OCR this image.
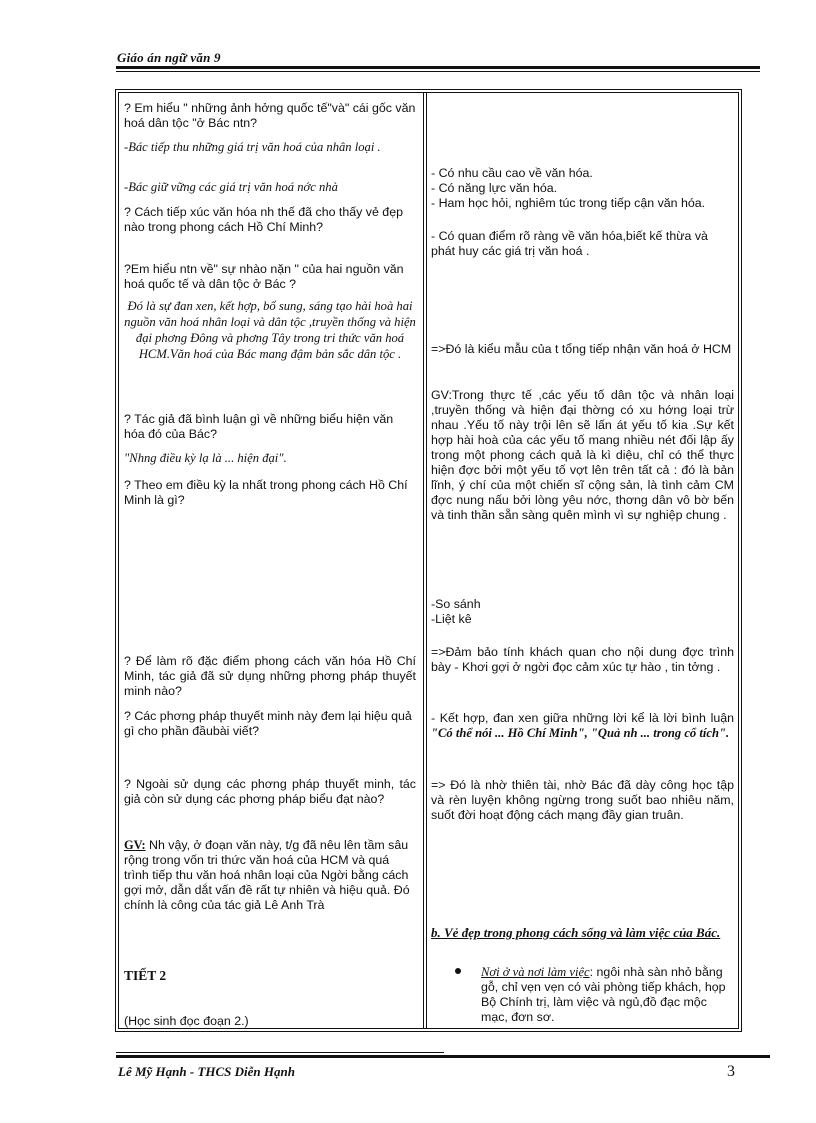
Giáo án ngữ văn 9
? Em hiểu " những ảnh hởng quốc tế"và" cái gốc văn hoá dân tộc "ở Bác ntn?
-Bác tiếp thu những giá trị văn hoá của nhân loại .
-Bác giữ vững các giá trị văn hoá nớc nhà
? Cách tiếp xúc văn hóa nh thế đã cho thấy vẻ đẹp nào trong phong cách Hồ Chí Minh?
?Em hiểu ntn về" sự nhào nặn " của hai nguồn văn hoá quốc tế và dân tộc ở Bác ?
Đó là sự đan xen, kết hợp, bổ sung, sáng tạo hài hoà hai nguồn văn hoá nhân loại và dân tộc ,truyền thống và hiện đại phơng Đông và phơng Tây trong tri thức văn hoá HCM.Văn hoá của Bác mang đậm bản sắc dân tộc .
? Tác giả đã bình luận gì về những biểu hiện văn hóa đó của Bác?
"Nhng điều kỳ lạ là ... hiện đại".
? Theo em điều kỳ la nhất trong phong cách Hồ Chí Minh là gì?
? Để làm rõ đặc điểm phong cách văn hóa Hồ Chí Minh, tác giả đã sử dụng những phơng pháp thuyết minh nào?
? Các phơng pháp thuyết minh này đem lại hiệu quả gì cho phần đầubài viết?
? Ngoài sử dụng các phơng pháp thuyết minh, tác giả còn sử dụng các phơng pháp biểu đạt nào?
GV: Nh vậy, ở đoạn văn này, t/g đã nêu lên tầm sâu rộng trong vốn tri thức văn hoá của HCM và quá trình tiếp thu văn hoá nhân loại của Ngời bằng cách gợi mở, dẫn dắt vấn đề rất tự nhiên và hiệu quả. Đó chính là công của tác giả Lê Anh Trà
TIẾT 2
(Học sinh đọc đoạn 2.)
- Có nhu cầu cao về văn hóa.
- Có năng lực văn hóa.
- Ham học hỏi, nghiêm túc trong tiếp cận văn hóa.
- Có quan điểm rõ ràng về văn hóa,biết kế thừa và phát huy các giá trị văn hoá .
=>Đó là kiểu mẫu của t tổng tiếp nhận văn hoá ở HCM
GV:Trong thực tế ,các yếu tố dân tộc và nhân loại ,truyền thống và hiện đại thờng có xu hớng loại trừ nhau .Yếu tố này trội lên sẽ lấn át yếu tố kia .Sự kết hợp hài hoà của các yếu tố mang nhiều nét đối lập ấy trong một phong cách quả là kì diệu, chỉ có thể thực hiện đợc bởi một yếu tố vợt lên trên tất cả : đó là bản lĩnh, ý chí của một chiến sĩ cộng sản, là tình cảm CM đợc nung nấu bởi lòng yêu nớc, thơng dân vô bờ bến và tinh thần sẵn sàng quên mình vì sự nghiệp chung .
-So sánh
-Liệt kê
=>Đảm bảo tính khách quan cho nội dung đợc trình bày - Khơi gợi ở ngời đọc cảm xúc tự hào , tin tởng .
- Kết hợp, đan xen giữa những lời kể là lời bình luận "Có thể nói ... Hồ Chí Minh", "Quả nh ... trong cổ tích".
=> Đó là nhờ thiên tài, nhờ Bác đã dày công học tập và rèn luyện không ngừng trong suốt bao nhiêu năm, suốt đời hoạt động cách mạng đầy gian truân.
b. Vẻ đẹp trong phong cách sống và làm việc của Bác.
Nơi ở và nơi làm việc: ngôi nhà sàn nhỏ bằng gỗ, chỉ vẹn vẹn có vài phòng tiếp khách, họp Bộ Chính trị, làm việc và ngủ,đồ đạc mộc mạc, đơn sơ.
Lê Mỹ Hạnh - THCS Diễn Hạnh	3
